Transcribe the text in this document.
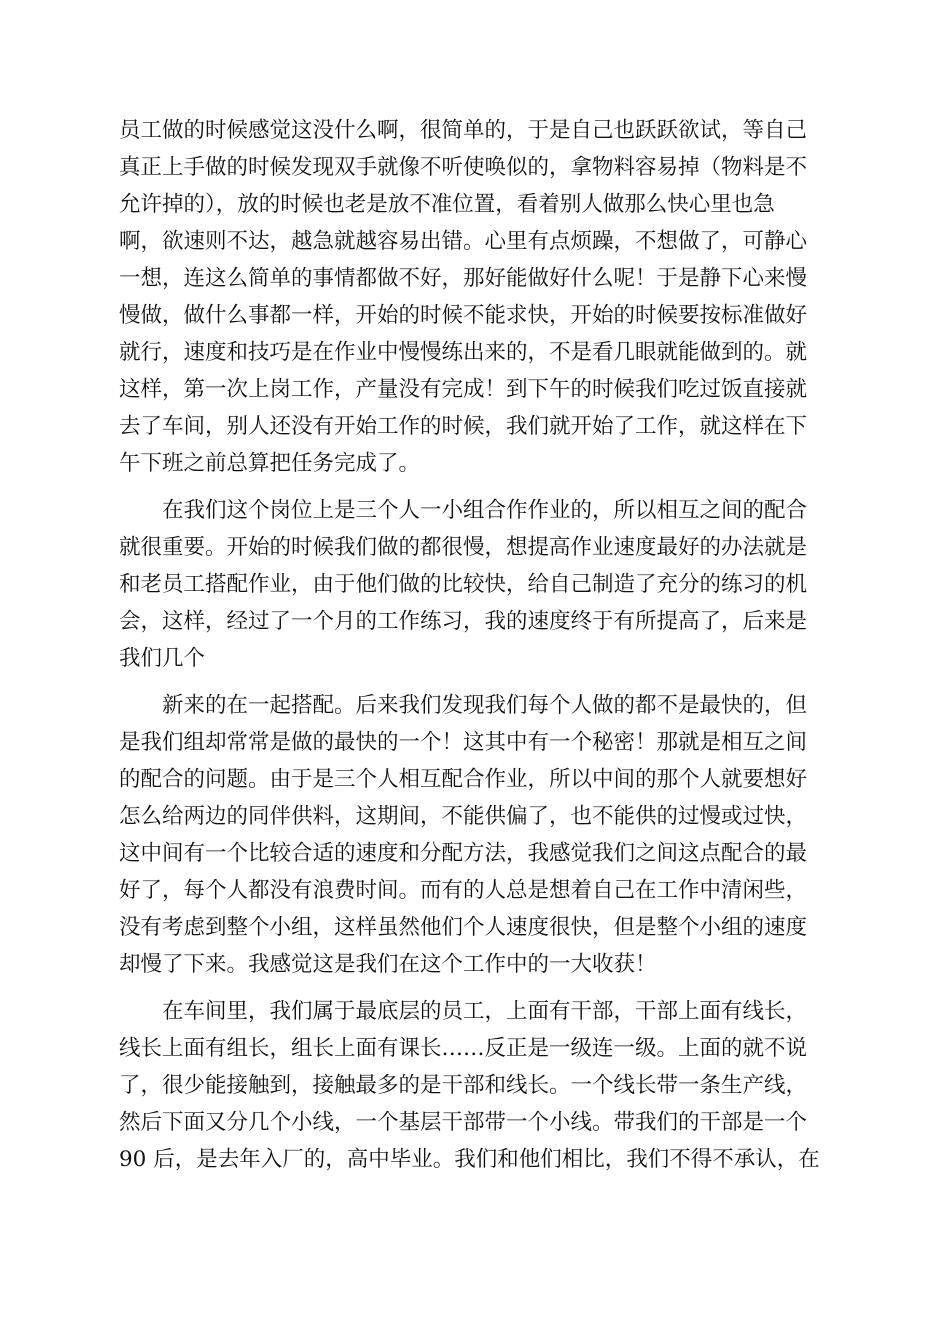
员工做的时候感觉这没什么啊，很简单的，于是自己也跃跃欲试，等自己
真正上手做的时候发现双手就像不听使唤似的，拿物料容易掉（物料是不
允许掉的），放的时候也老是放不准位置，看着别人做那么快心里也急
啊，欲速则不达，越急就越容易出错。心里有点烦躁，不想做了，可静心
一想，连这么简单的事情都做不好，那好能做好什么呢！于是静下心来慢
慢做，做什么事都一样，开始的时候不能求快，开始的时候要按标准做好
就行，速度和技巧是在作业中慢慢练出来的，不是看几眼就能做到的。就
这样，第一次上岗工作，产量没有完成！到下午的时候我们吃过饭直接就
去了车间，别人还没有开始工作的时候，我们就开始了工作，就这样在下
午下班之前总算把任务完成了。
在我们这个岗位上是三个人一小组合作作业的，所以相互之间的配合
就很重要。开始的时候我们做的都很慢，想提高作业速度最好的办法就是
和老员工搭配作业，由于他们做的比较快，给自己制造了充分的练习的机
会，这样，经过了一个月的工作练习，我的速度终于有所提高了，后来是
我们几个
新来的在一起搭配。后来我们发现我们每个人做的都不是最快的，但
是我们组却常常是做的最快的一个！这其中有一个秘密！那就是相互之间
的配合的问题。由于是三个人相互配合作业，所以中间的那个人就要想好
怎么给两边的同伴供料，这期间，不能供偏了，也不能供的过慢或过快，
这中间有一个比较合适的速度和分配方法，我感觉我们之间这点配合的最
好了，每个人都没有浪费时间。而有的人总是想着自己在工作中清闲些，
没有考虑到整个小组，这样虽然他们个人速度很快，但是整个小组的速度
却慢了下来。我感觉这是我们在这个工作中的一大收获！
在车间里，我们属于最底层的员工，上面有干部，干部上面有线长，
线长上面有组长，组长上面有课长……反正是一级连一级。上面的就不说
了，很少能接触到，接触最多的是干部和线长。一个线长带一条生产线，
然后下面又分几个小线，一个基层干部带一个小线。带我们的干部是一个
90 后，是去年入厂的，高中毕业。我们和他们相比，我们不得不承认，在
